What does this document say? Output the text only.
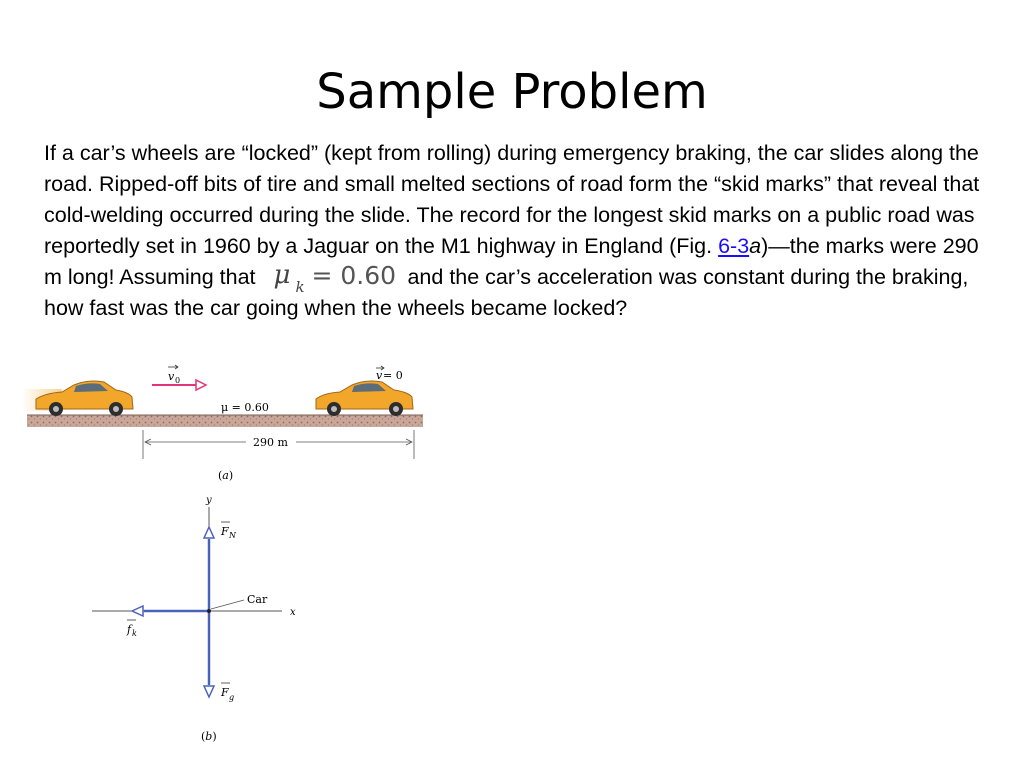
Sample Problem

If a car’s wheels are “locked” (kept from rolling) during emergency braking, the car slides along the road. Ripped-off bits of tire and small melted sections of road form the “skid marks” that reveal that cold-welding occurred during the slide. The record for the longest skid marks on a public road was reportedly set in 1960 by a Jaguar on the M1 highway in England (Fig. 6-3a)—the marks were 290 m long! Assuming that μ k = 0.60 and the car’s acceleration was constant during the braking, how fast was the car going when the wheels became locked?

v 0	v = 0
μ = 0.60
290 m
(a)
y
x
F N
F g
f k
Car
(b)
